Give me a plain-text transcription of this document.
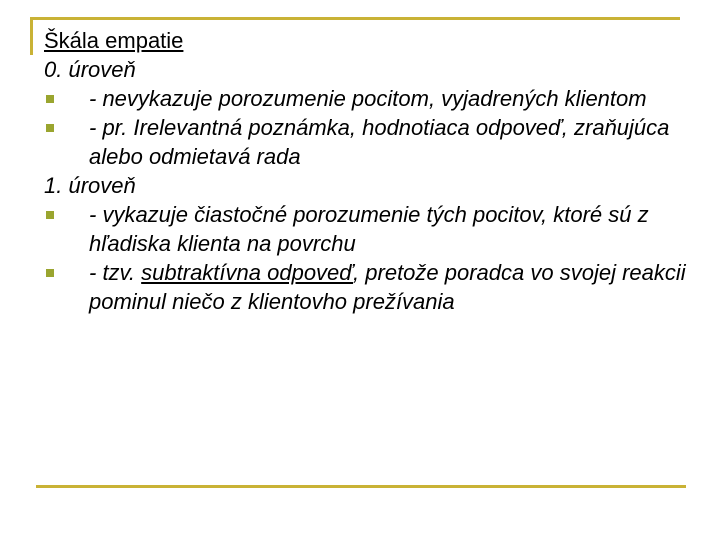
Škála empatie
0. úroveň
- nevykazuje porozumenie pocitom, vyjadrených klientom
- pr. Irelevantná poznámka, hodnotiaca odpoveď, zraňujúca alebo odmietavá rada
1. úroveň
- vykazuje čiastočné porozumenie tých pocitov, ktoré sú z hľadiska klienta na povrchu
- tzv. subtraktívna odpoveď, pretože poradca vo svojej reakcii pominul niečo z klientovho prežívania
